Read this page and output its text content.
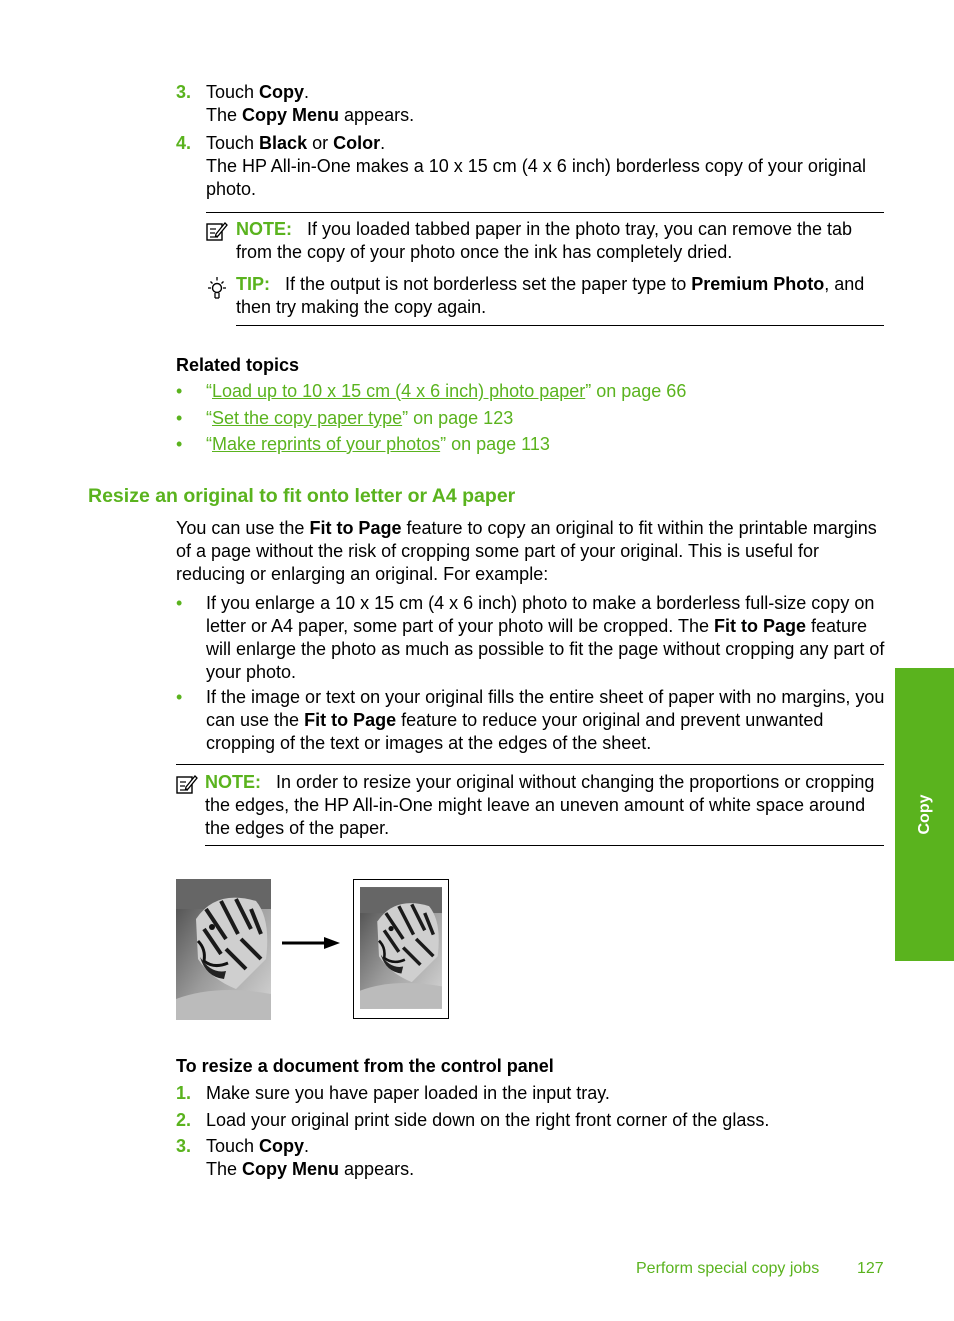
3. Touch Copy.
The Copy Menu appears.
4. Touch Black or Color.
The HP All-in-One makes a 10 x 15 cm (4 x 6 inch) borderless copy of your original photo.
NOTE: If you loaded tabbed paper in the photo tray, you can remove the tab from the copy of your photo once the ink has completely dried.
TIP: If the output is not borderless set the paper type to Premium Photo, and then try making the copy again.
Related topics
• “Load up to 10 x 15 cm (4 x 6 inch) photo paper” on page 66
• “Set the copy paper type” on page 123
• “Make reprints of your photos” on page 113
Resize an original to fit onto letter or A4 paper
You can use the Fit to Page feature to copy an original to fit within the printable margins of a page without the risk of cropping some part of your original. This is useful for reducing or enlarging an original. For example:
• If you enlarge a 10 x 15 cm (4 x 6 inch) photo to make a borderless full-size copy on letter or A4 paper, some part of your photo will be cropped. The Fit to Page feature will enlarge the photo as much as possible to fit the page without cropping any part of your photo.
• If the image or text on your original fills the entire sheet of paper with no margins, you can use the Fit to Page feature to reduce your original and prevent unwanted cropping of the text or images at the edges of the sheet.
NOTE: In order to resize your original without changing the proportions or cropping the edges, the HP All-in-One might leave an uneven amount of white space around the edges of the paper.
To resize a document from the control panel
1. Make sure you have paper loaded in the input tray.
2. Load your original print side down on the right front corner of the glass.
3. Touch Copy.
The Copy Menu appears.
Copy
Perform special copy jobs 127
